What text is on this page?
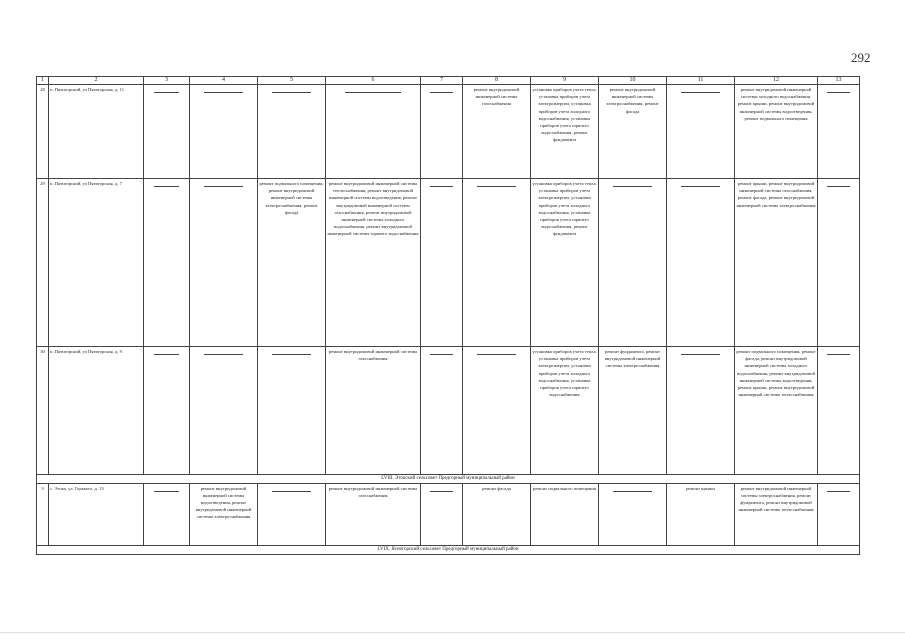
292
1	2	3	4	5	6	7	8	9	10	11	12	13
28	п. Пятигорский, ул Пятигорская, д. 11						ремонт внутридомовой инженерной системы газоснабжения	установка приборов учета тепла, установка приборов учета электроэнергии, установка приборов учета холодного водоснабжения, установка приборов учета горячего водоснабжения, ремонт фундамента	ремонт внутридомовой инженерной системы электроснабжения, ремонт фасада		ремонт внутридомовой инженерной системы холодного водоснабжения, ремонт крыши, ремонт внутридомовой инженерной системы водоотведения, ремонт подвального помещения	

29	п. Пятигорский, ул Пятигорская, д. 7			ремонт подвального помещения, ремонт внутридомовой инженерной системы электроснабжения, ремонт фасада	ремонт внутридомовой инженерной системы теплоснабжения, ремонт внутридомовой инженерной системы водоотведения, ремонт внутридомовой инженерной системы газоснабжения, ремонт внутридомовой инженерной системы холодного водоснабжения, ремонт внутридомовой инженерной системы горячего водоснабжения			установка приборов учета тепла, установка приборов учета электроэнергии, установка приборов учета холодного водоснабжения, установка приборов учета горячего водоснабжения, ремонт фундамента			ремонт крыши, ремонт внутридомовой инженерной системы газоснабжения, ремонт фасада, ремонт внутридомовой инженерной системы электроснабжения	

30	п. Пятигорский, ул Пятигорская, д. 9				ремонт внутридомовой инженерной системы газоснабжения			установка приборов учета тепла, установка приборов учета электроэнергии, установка приборов учета холодного водоснабжения, установка приборов учета горячего водоснабжения	ремонт фундамента, ремонт внутридомовой инженерной системы электроснабжения		ремонт подвального помещения, ремонт фасада, ремонт внутридомовой инженерной системы холодного водоснабжения, ремонт внутридомовой инженерной системы водоотведения, ремонт крыши, ремонт внутридомовой инженерной системы теплоснабжения	

LVIII. Этокский сельсовет Предгорный муниципальный район												
3	с. Этока, ул. Горького, д. 13		ремонт внутридомовой инженерной системы водоотведения, ремонт внутридомовой инженерной системы электроснабжения		ремонт внутридомовой инженерной системы газоснабжения		ремонт фасада	ремонт подвального помещения		ремонт крыши	ремонт внутридомовой инженерной системы электроснабжения, ремонт фундамента, ремонт внутридомовой инженерной системы теплоснабжения	

LVIX. Ясногорский сельсовет Предгорный муниципальный район												
